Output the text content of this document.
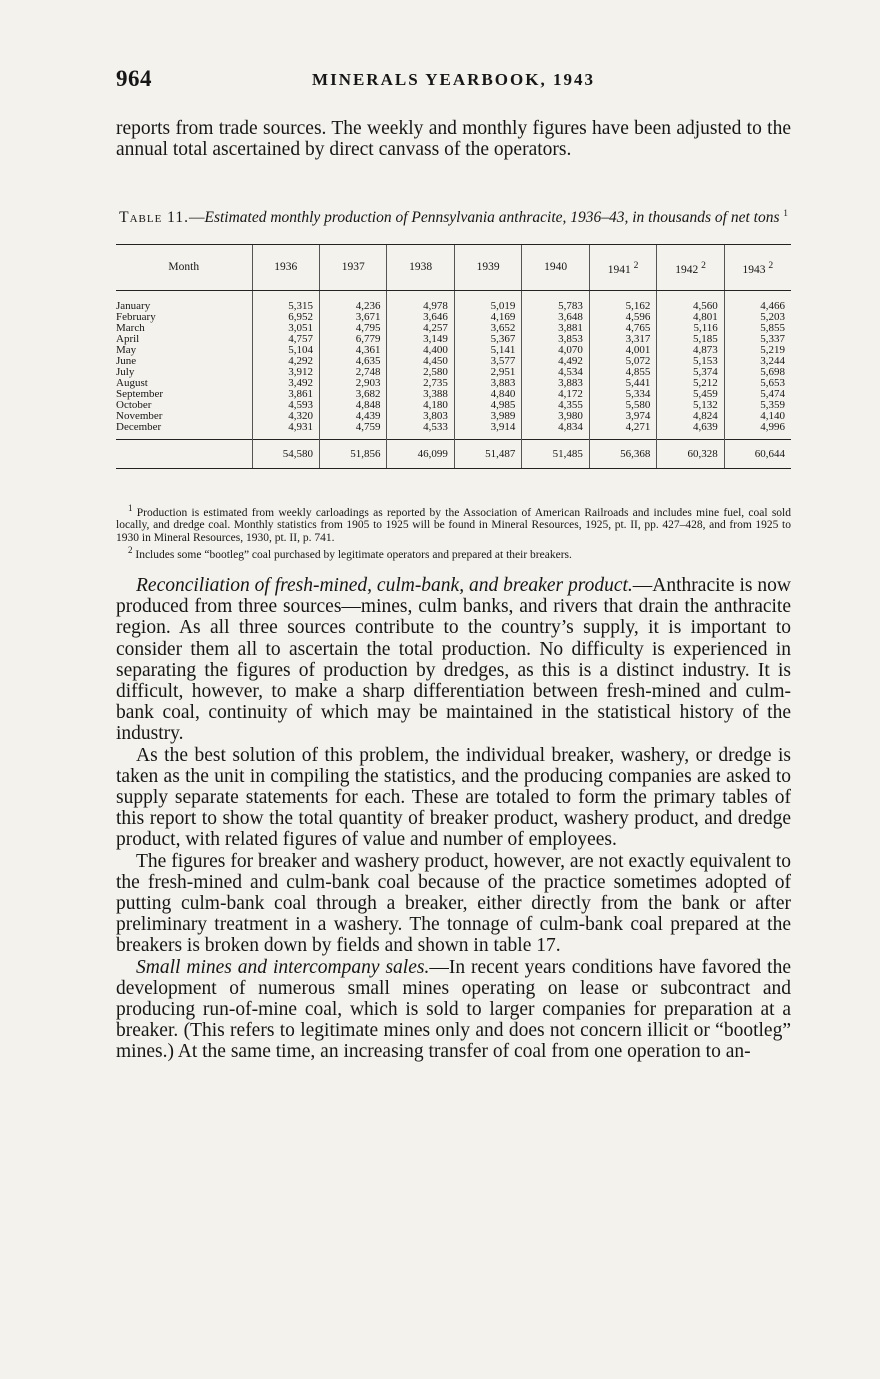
964	MINERALS YEARBOOK, 1943

reports from trade sources. The weekly and monthly figures have been adjusted to the annual total ascertained by direct canvass of the operators.

Table 11.—Estimated monthly production of Pennsylvania anthracite, 1936–43, in thousands of net tons $^1$

Month	1936	1937	1938	1939	1940	1941 $^2$	1942 $^2$	1943 $^2$
January	5,315	4,236	4,978	5,019	5,783	5,162	4,560	4,466
February	6,952	3,671	3,646	4,169	3,648	4,596	4,801	5,203
March	3,051	4,795	4,257	3,652	3,881	4,765	5,116	5,855
April	4,757	6,779	3,149	5,367	3,853	3,317	5,185	5,337
May	5,104	4,361	4,400	5,141	4,070	4,001	4,873	5,219
June	4,292	4,635	4,450	3,577	4,492	5,072	5,153	3,244
July	3,912	2,748	2,580	2,951	4,534	4,855	5,374	5,698
August	3,492	2,903	2,735	3,883	3,883	5,441	5,212	5,653
September	3,861	3,682	3,388	4,840	4,172	5,334	5,459	5,474
October	4,593	4,848	4,180	4,985	4,355	5,580	5,132	5,359
November	4,320	4,439	3,803	3,989	3,980	3,974	4,824	4,140
December	4,931	4,759	4,533	3,914	4,834	4,271	4,639	4,996
	54,580	51,856	46,099	51,487	51,485	56,368	60,328	60,644

$^1$ Production is estimated from weekly carloadings as reported by the Association of American Railroads and includes mine fuel, coal sold locally, and dredge coal. Monthly statistics from 1905 to 1925 will be found in Mineral Resources, 1925, pt. II, pp. 427–428, and from 1925 to 1930 in Mineral Resources, 1930, pt. II, p. 741.

$^2$ Includes some “bootleg” coal purchased by legitimate operators and prepared at their breakers.

Reconciliation of fresh-mined, culm-bank, and breaker product.—Anthracite is now produced from three sources—mines, culm banks, and rivers that drain the anthracite region. As all three sources contribute to the country’s supply, it is important to consider them all to ascertain the total production. No difficulty is experienced in separating the figures of production by dredges, as this is a distinct industry. It is difficult, however, to make a sharp differentiation between fresh-mined and culm-bank coal, continuity of which may be maintained in the statistical history of the industry.

As the best solution of this problem, the individual breaker, washery, or dredge is taken as the unit in compiling the statistics, and the producing companies are asked to supply separate statements for each. These are totaled to form the primary tables of this report to show the total quantity of breaker product, washery product, and dredge product, with related figures of value and number of employees.

The figures for breaker and washery product, however, are not exactly equivalent to the fresh-mined and culm-bank coal because of the practice sometimes adopted of putting culm-bank coal through a breaker, either directly from the bank or after preliminary treatment in a washery. The tonnage of culm-bank coal prepared at the breakers is broken down by fields and shown in table 17.

Small mines and intercompany sales.—In recent years conditions have favored the development of numerous small mines operating on lease or subcontract and producing run-of-mine coal, which is sold to larger companies for preparation at a breaker. (This refers to legitimate mines only and does not concern illicit or “bootleg” mines.) At the same time, an increasing transfer of coal from one operation to an-
